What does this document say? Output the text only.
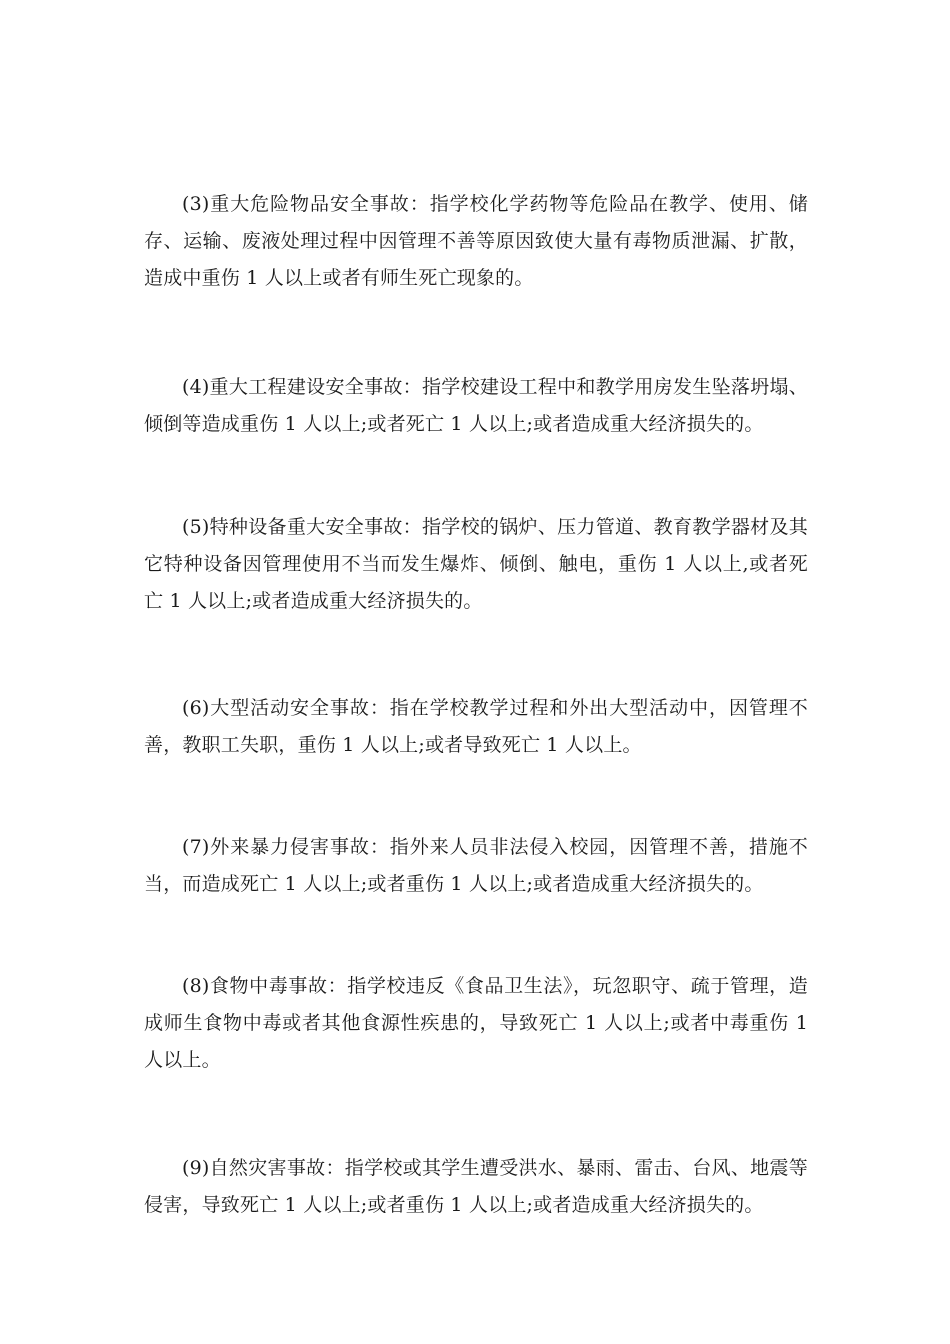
(3)重大危险物品安全事故：指学校化学药物等危险品在教学、使用、储存、运输、废液处理过程中因管理不善等原因致使大量有毒物质泄漏、扩散，造成中重伤 1 人以上或者有师生死亡现象的。

(4)重大工程建设安全事故：指学校建设工程中和教学用房发生坠落坍塌、倾倒等造成重伤 1 人以上;或者死亡 1 人以上;或者造成重大经济损失的。

(5)特种设备重大安全事故：指学校的锅炉、压力管道、教育教学器材及其它特种设备因管理使用不当而发生爆炸、倾倒、触电，重伤 1 人以上,或者死亡 1 人以上;或者造成重大经济损失的。

(6)大型活动安全事故：指在学校教学过程和外出大型活动中，因管理不善，教职工失职，重伤 1 人以上;或者导致死亡 1 人以上。

(7)外来暴力侵害事故：指外来人员非法侵入校园，因管理不善，措施不当，而造成死亡 1 人以上;或者重伤 1 人以上;或者造成重大经济损失的。

(8)食物中毒事故：指学校违反《食品卫生法》，玩忽职守、疏于管理，造成师生食物中毒或者其他食源性疾患的，导致死亡 1 人以上;或者中毒重伤 1 人以上。

(9)自然灾害事故：指学校或其学生遭受洪水、暴雨、雷击、台风、地震等侵害，导致死亡 1 人以上;或者重伤 1 人以上;或者造成重大经济损失的。
